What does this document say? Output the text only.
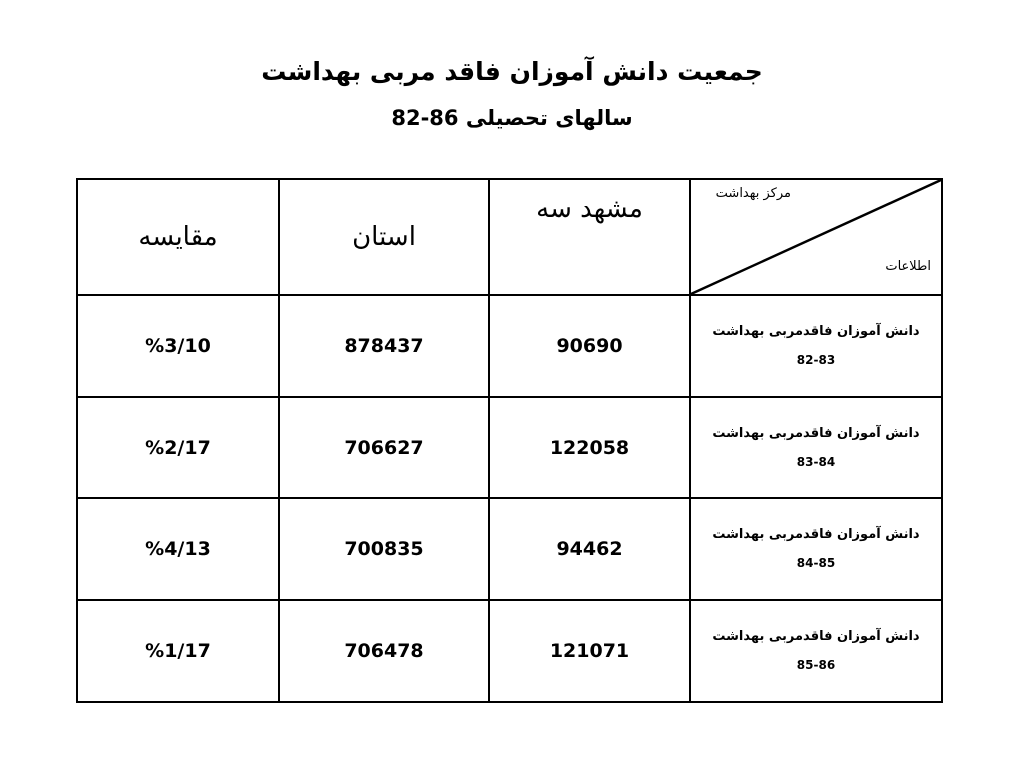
جمعیت دانش آموزان فاقد مربی بهداشت
سالهای تحصیلی 86-82
مقایسه	استان	مشهد سه	مرکز بهداشت
اطلاعات

%3/10	878437	90690	دانش آموزان فاقدمربی بهداشت
82-83

%2/17	706627	122058	دانش آموزان فاقدمربی بهداشت
83-84

%4/13	700835	94462	دانش آموزان فاقدمربی بهداشت
84-85

%1/17	706478	121071	دانش آموزان فاقدمربی بهداشت
85-86
